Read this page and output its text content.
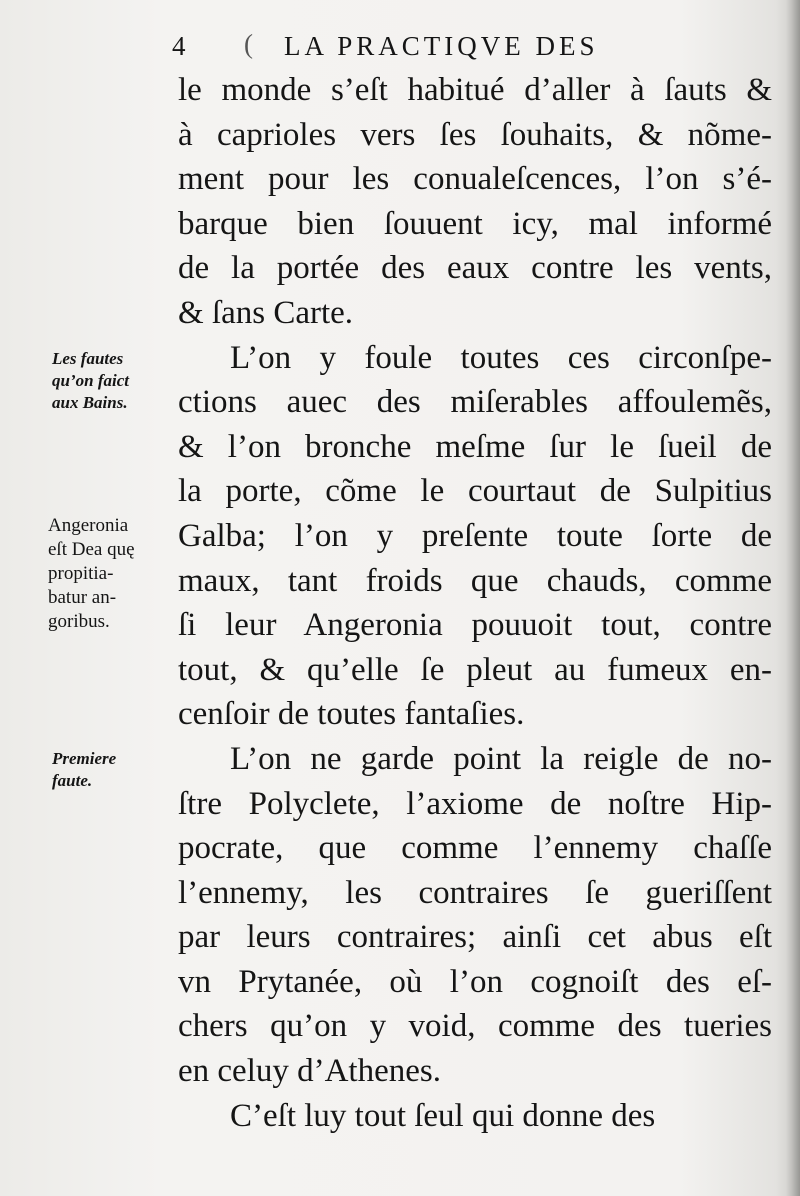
4 ( LA PRACTIQVE DES
le monde s’eſt habitué d’aller à ſauts &
à caprioles vers ſes ſouhaits, & nõme-
ment pour les conualeſcences, l’on s’é-
barque bien ſouuent icy, mal informé
de la portée des eaux contre les vents,
& ſans Carte.
L’on y foule toutes ces circonſpe-
ctions auec des miſerables affoulemẽs,
& l’on bronche meſme ſur le ſueil de
la porte, cõme le courtaut de Sulpitius
Galba; l’on y preſente toute ſorte de
maux, tant froids que chauds, comme
ſi leur Angeronia pouuoit tout, contre
tout, & qu’elle ſe pleut au fumeux en-
cenſoir de toutes fantaſies.
L’on ne garde point la reigle de no-
ſtre Polyclete, l’axiome de noſtre Hip-
pocrate, que comme l’ennemy chaſſe
l’ennemy, les contraires ſe gueriſſent
par leurs contraires; ainſi cet abus eſt
vn Prytanée, où l’on cognoiſt des eſ-
chers qu’on y void, comme des tueries
en celuy d’Athenes.
C’eſt luy tout ſeul qui donne des
Les fautes
qu’on faict
aux Bains.
Angeronia
eſt Dea quę
propitia-
batur an-
goribus.
Premiere
faute.
